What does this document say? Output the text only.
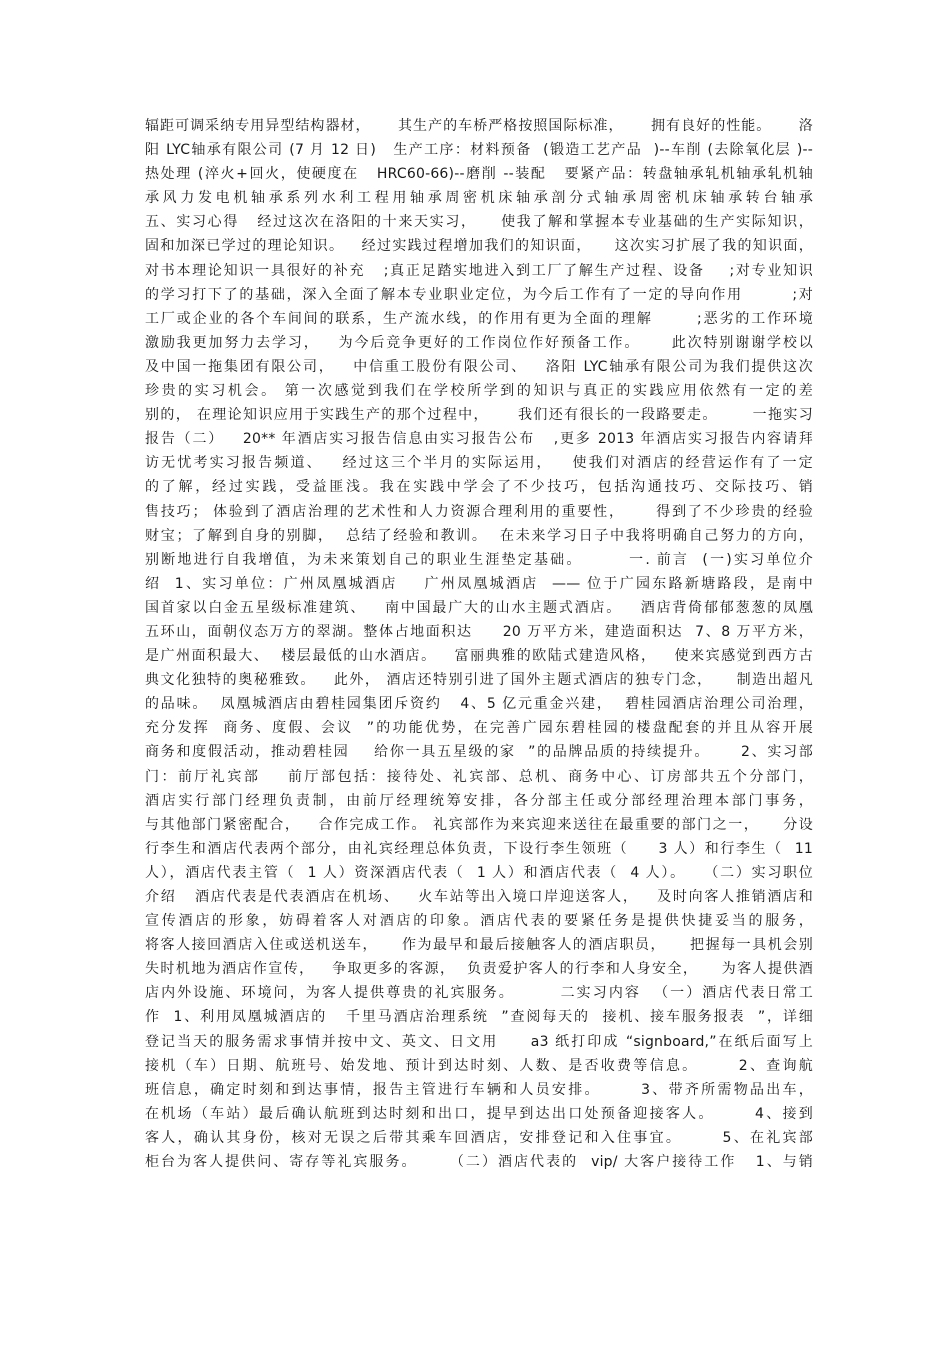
辐距可调采纳专用异型结构器材，     其生产的车桥严格按照国际标准，     拥有良好的性能。     洛
阳 LYC轴承有限公司 (7 月 12 日)   生产工序：材料预备  (锻造工艺产品  )--车削 (去除氧化层 )--
热处理 (淬火+回火，使硬度在   HRC60-66)--磨削 --装配   要紧产品：转盘轴承轧机轴承轧机轴
承风力发电机轴承系列水利工程用轴承周密机床轴承剖分式轴承周密机床轴承转台轴承
五、实习心得   经过这次在洛阳的十来天实习，    使我了解和掌握本专业基础的生产实际知识，
固和加深已学过的理论知识。   经过实践过程增加我们的知识面，    这次实习扩展了我的知识面，
对书本理论知识一具很好的补充   ;真正足踏实地进入到工厂了解生产过程、设备    ;对专业知识
的学习打下了的基础，深入全面了解本专业职业定位，为今后工作有了一定的导向作用        ;对
工厂或企业的各个车间间的联系，生产流水线，的作用有更为全面的理解       ;恶劣的工作环境
激励我更加努力去学习，   为今后竞争更好的工作岗位作好预备工作。     此次特别谢谢学校以
及中国一拖集团有限公司，   中信重工股份有限公司、   洛阳 LYC轴承有限公司为我们提供这次
珍贵的实习机会。 第一次感觉到我们在学校所学到的知识与真正的实践应用依然有一定的差
别的， 在理论知识应用于实践生产的那个过程中，     我们还有很长的一段路要走。      一拖实习
报告（二）   20** 年酒店实习报告信息由实习报告公布   ,更多 2013 年酒店实习报告内容请拜
访无忧考实习报告频道、   经过这三个半月的实际运用，   使我们对酒店的经营运作有了一定
的了解，经过实践，受益匪浅。我在实践中学会了不少技巧，包括沟通技巧、交际技巧、销
售技巧； 体验到了酒店治理的艺术性和人力资源合理利用的重要性，     得到了不少珍贵的经验
财宝；了解到自身的别脚，  总结了经验和教训。  在未来学习日子中我将明确自己努力的方向，
别断地进行自我增值，为未来策划自己的职业生涯垫定基础。       一. 前言  (一)实习单位介
绍  1、实习单位：广州凤凰城酒店    广州凤凰城酒店  —— 位于广园东路新塘路段，是南中
国首家以白金五星级标准建筑、   南中国最广大的山水主题式酒店。   酒店背倚郁郁葱葱的凤凰
五环山，面朝仪态万方的翠湖。整体占地面积达     20 万平方米，建造面积达  7、8 万平方米，
是广州面积最大、  楼层最低的山水酒店。   富丽典雅的欧陆式建造风格，   使来宾感觉到西方古
典文化独特的奥秘雅致。   此外， 酒店还特别引进了国外主题式酒店的独专门念，    制造出超凡
的品味。  凤凰城酒店由碧桂园集团斥资约   4、5 亿元重金兴建，  碧桂园酒店治理公司治理，
充分发挥  商务、度假、会议  ”的功能优势，在完善广园东碧桂园的楼盘配套的并且从容开展
商务和度假活动，推动碧桂园    给你一具五星级的家  ”的品牌品质的持续提升。     2、实习部
门：前厅礼宾部    前厅部包括：接待处、礼宾部、总机、商务中心、订房部共五个分部门，
酒店实行部门经理负责制，由前厅经理统筹安排，各分部主任或分部经理治理本部门事务，
与其他部门紧密配合，   合作完成工作。 礼宾部作为来宾迎来送往在最重要的部门之一，    分设
行李生和酒店代表两个部分，由礼宾经理总体负责，下设行李生领班（     3 人）和行李生（  11
人），酒店代表主管（  1 人）资深酒店代表（  1 人）和酒店代表（  4 人）。   （二）实习职位
介绍   酒店代表是代表酒店在机场、   火车站等出入境口岸迎送客人，   及时向客人推销酒店和
宣传酒店的形象，妨碍着客人对酒店的印象。酒店代表的要紧任务是提供快捷妥当的服务，
将客人接回酒店入住或送机送车，    作为最早和最后接触客人的酒店职员，    把握每一具机会别
失时机地为酒店作宣传，   争取更多的客源，  负责爱护客人的行李和人身安全，    为客人提供酒
店内外设施、环境问，为客人提供尊贵的礼宾服务。       二实习内容  （一）酒店代表日常工
作  1、利用凤凰城酒店的   千里马酒店治理系统  ”查阅每天的  接机、接车服务报表  ”，详细
登记当天的服务需求事情并按中文、英文、日文用     a3 纸打印成 “signboard,”在纸后面写上
接机（车）日期、航班号、始发地、预计到达时刻、人数、是否收费等信息。      2、查询航
班信息，确定时刻和到达事情，报告主管进行车辆和人员安排。      3、带齐所需物品出车，
在机场（车站）最后确认航班到达时刻和出口，提早到达出口处预备迎接客人。      4、接到
客人，确认其身份，核对无误之后带其乘车回酒店，安排登记和入住事宜。      5、在礼宾部
柜台为客人提供问、寄存等礼宾服务。     （二）酒店代表的  vip/ 大客户接待工作   1、与销
